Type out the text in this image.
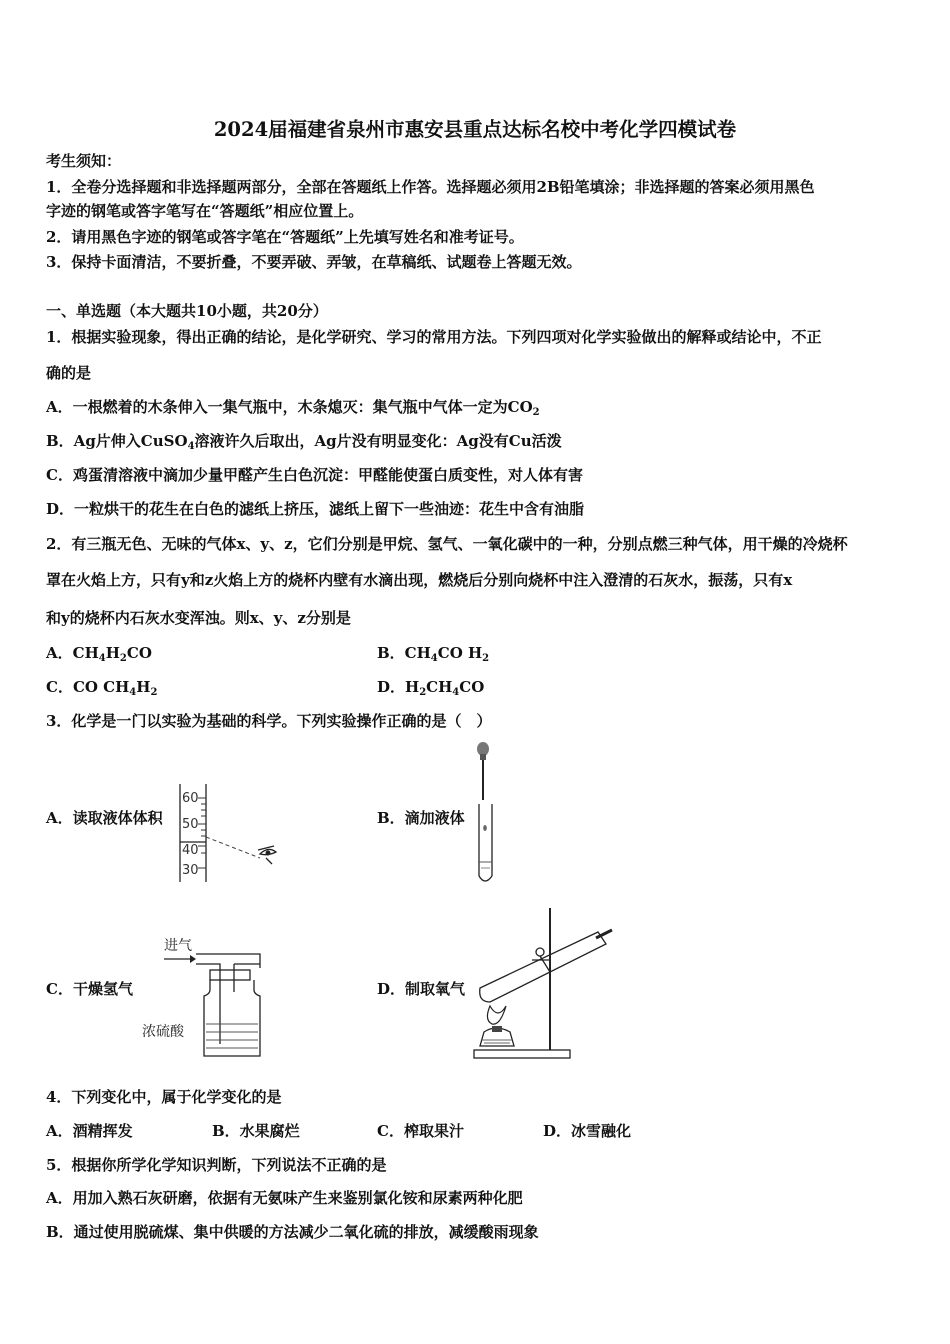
2024届福建省泉州市惠安县重点达标名校中考化学四模试卷
考生须知：
1．全卷分选择题和非选择题两部分，全部在答题纸上作答。选择题必须用2B铅笔填涂；非选择题的答案必须用黑色
字迹的钢笔或答字笔写在“答题纸”相应位置上。
2．请用黑色字迹的钢笔或答字笔在“答题纸”上先填写姓名和准考证号。
3．保持卡面清洁，不要折叠，不要弄破、弄皱，在草稿纸、试题卷上答题无效。
一、单选题（本大题共10小题，共20分）
1．根据实验现象，得出正确的结论，是化学研究、学习的常用方法。下列四项对化学实验做出的解释或结论中，不正
确的是
A．一根燃着的木条伸入一集气瓶中，木条熄灭：集气瓶中气体一定为$CO_2$
B．Ag片伸入CuSO$_4$溶液许久后取出，Ag片没有明显变化：Ag没有Cu活泼
C．鸡蛋清溶液中滴加少量甲醛产生白色沉淀：甲醛能使蛋白质变性，对人体有害
D．一粒烘干的花生在白色的滤纸上挤压，滤纸上留下一些油迹：花生中含有油脂
2．有三瓶无色、无味的气体x、y、z，它们分别是甲烷、氢气、一氧化碳中的一种，分别点燃三种气体，用干燥的冷烧杯
罩在火焰上方，只有y和z火焰上方的烧杯内壁有水滴出现，燃烧后分别向烧杯中注入澄清的石灰水，振荡，只有x
和y的烧杯内石灰水变浑浊。则x、y、z分别是
A．$CH_4H_2CO$	B．$CH_4CO$ $H_2$
C．CO $CH_4H_2$	D．$H_2CH_4CO$
3．化学是一门以实验为基础的科学。下列实验操作正确的是（　）
A．读取液体体积	B．滴加液体
C．干燥氢气	D．制取氧气
60
50
40
30
进气
浓硫酸
4．下列变化中，属于化学变化的是
A．酒精挥发	B．水果腐烂	C．榨取果汁	D．冰雪融化
5．根据你所学化学知识判断，下列说法不正确的是
A．用加入熟石灰研磨，依据有无氨味产生来鉴别氯化铵和尿素两种化肥
B．通过使用脱硫煤、集中供暖的方法减少二氧化硫的排放，减缓酸雨现象
